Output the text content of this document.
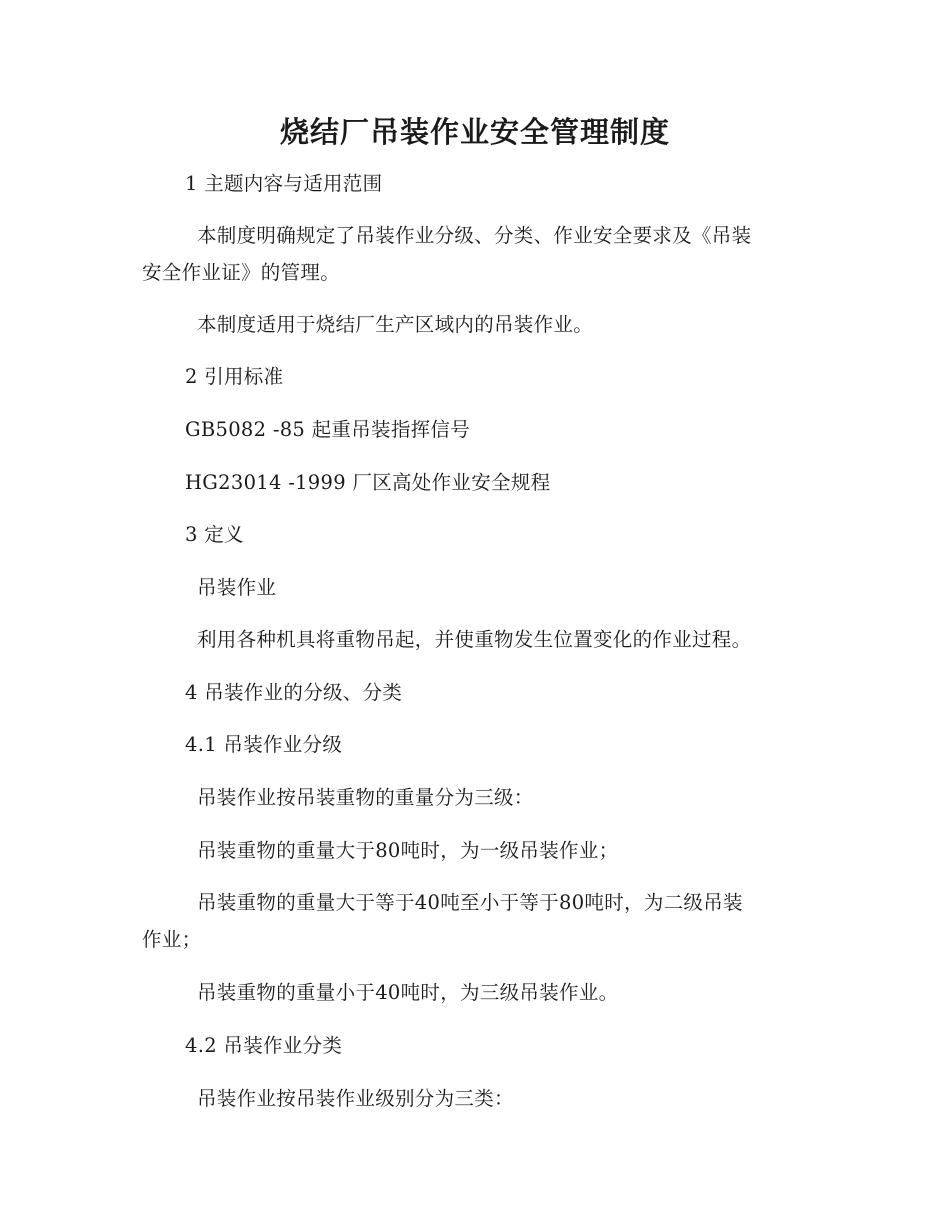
烧结厂吊装作业安全管理制度
1 主题内容与适用范围
本制度明确规定了吊装作业分级、分类、作业安全要求及《吊装
安全作业证》的管理。
本制度适用于烧结厂生产区域内的吊装作业。
2 引用标准
GB5082 -85 起重吊装指挥信号
HG23014 -1999 厂区高处作业安全规程
3 定义
吊装作业
利用各种机具将重物吊起，并使重物发生位置变化的作业过程。
4 吊装作业的分级、分类
4.1 吊装作业分级
吊装作业按吊装重物的重量分为三级：
吊装重物的重量大于80吨时，为一级吊装作业；
吊装重物的重量大于等于40吨至小于等于80吨时，为二级吊装
作业；
吊装重物的重量小于40吨时，为三级吊装作业。
4.2 吊装作业分类
吊装作业按吊装作业级别分为三类：
